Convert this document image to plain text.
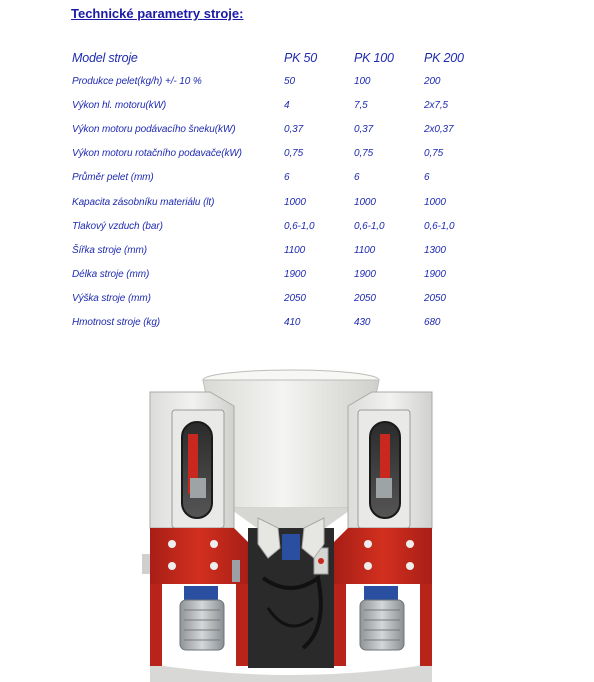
Technické parametry stroje:
Model stroje	PK 50	PK 100	PK 200
Produkce pelet(kg/h) +/- 10 %	50	100	200
Výkon hl. motoru(kW)	4	7,5	2x7,5
Výkon motoru podávacího šneku(kW)	0,37	0,37	2x0,37
Výkon motoru rotačního podavače(kW)	0,75	0,75	0,75
Průměr pelet (mm)	6	6	6
Kapacita zásobníku materiálu (lt)	1000	1000	1000
Tlakový vzduch (bar)	0,6-1,0	0,6-1,0	0,6-1,0
Šířka stroje (mm)	1100	1100	1300
Délka stroje (mm)	1900	1900	1900
Výška stroje (mm)	2050	2050	2050
Hmotnost stroje (kg)	410	430	680
